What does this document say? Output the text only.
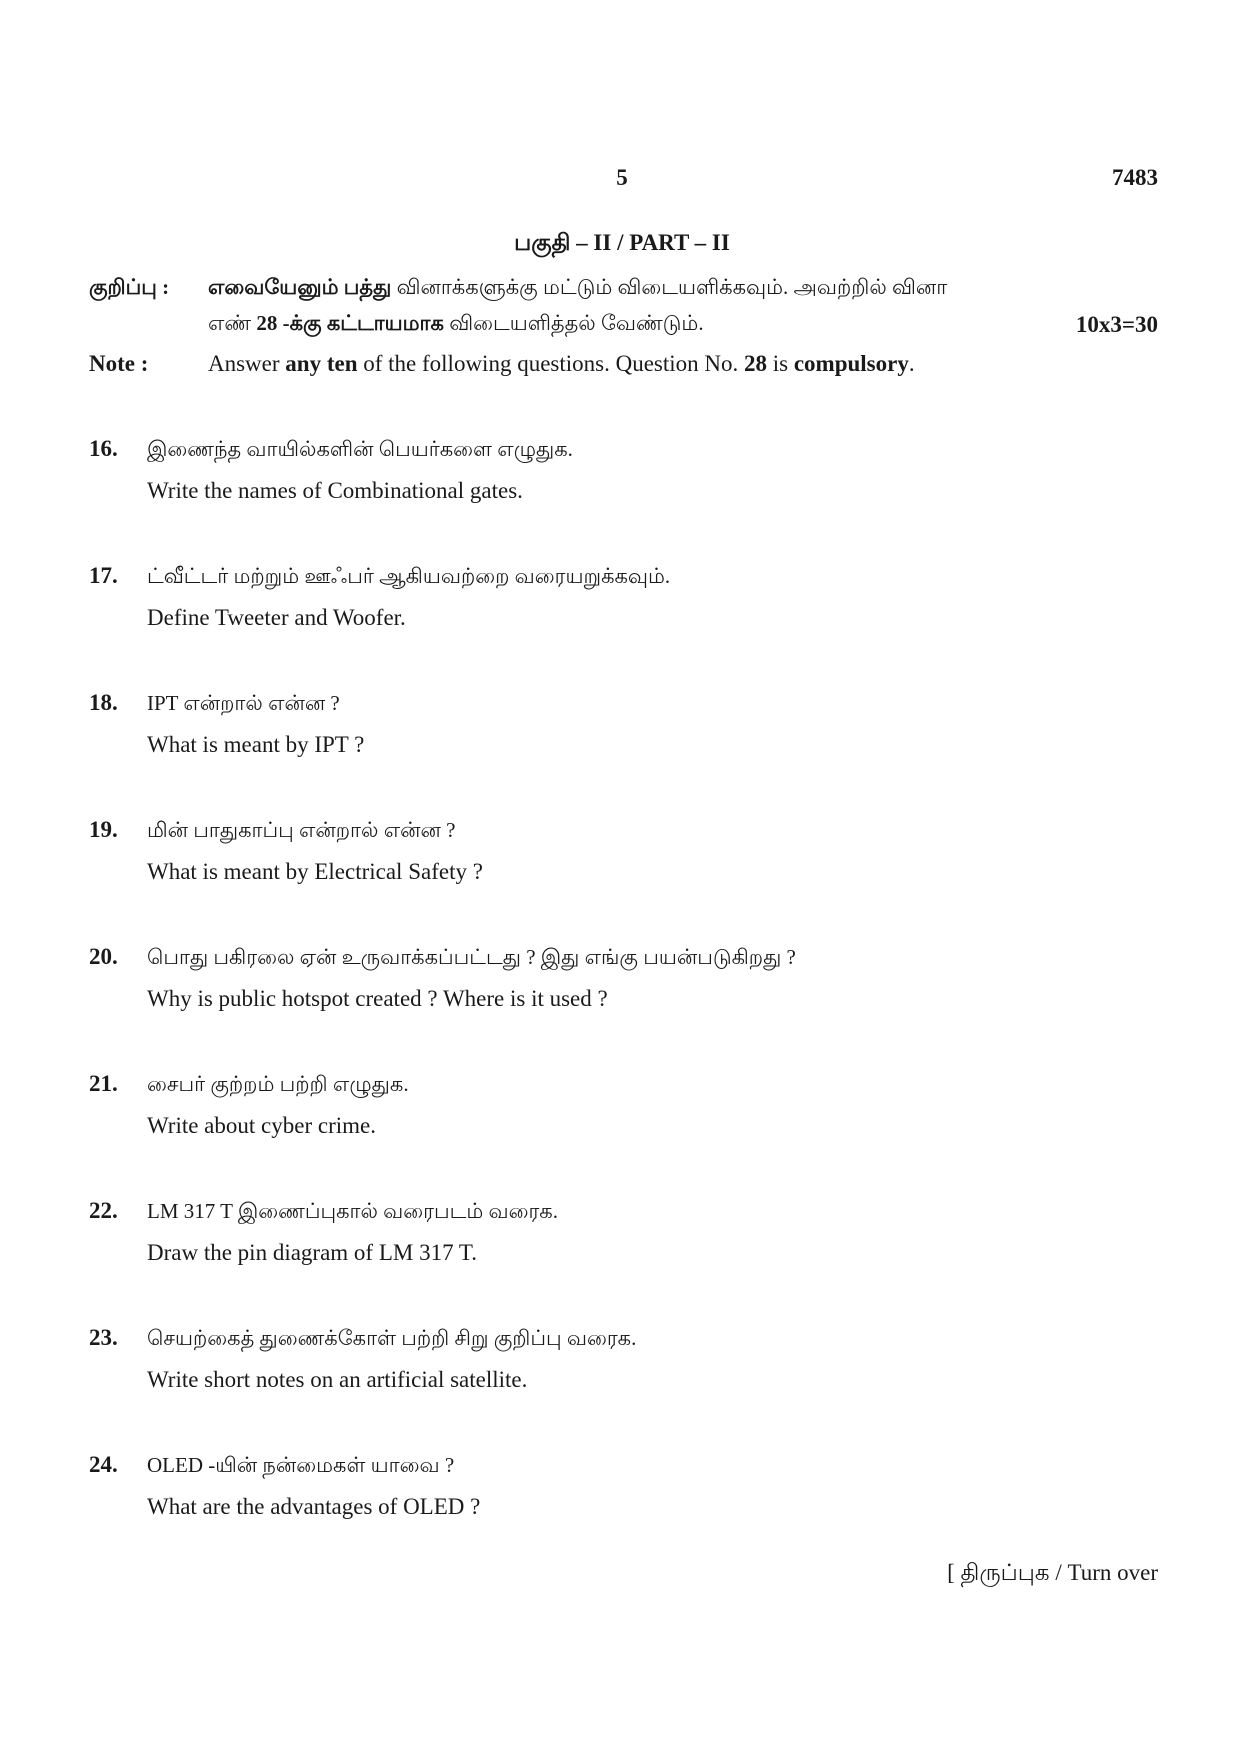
5	7483
பகுதி – II / PART – II
குறிப்பு : எவையேனும் பத்து வினாக்களுக்கு மட்டும் விடையளிக்கவும். அவற்றில் வினா
எண் 28 -க்கு கட்டாயமாக விடையளித்தல் வேண்டும்.	10x3=30
Note :	Answer any ten of the following questions. Question No. 28 is compulsory.
16. இணைந்த வாயில்களின் பெயர்களை எழுதுக.
Write the names of Combinational gates.
17. ட்வீட்டர் மற்றும் ஊஃபர் ஆகியவற்றை வரையறுக்கவும்.
Define Tweeter and Woofer.
18. IPT என்றால் என்ன ?
What is meant by IPT ?
19. மின் பாதுகாப்பு என்றால் என்ன ?
What is meant by Electrical Safety ?
20. பொது பகிரலை ஏன் உருவாக்கப்பட்டது ? இது எங்கு பயன்படுகிறது ?
Why is public hotspot created ? Where is it used ?
21. சைபர் குற்றம் பற்றி எழுதுக.
Write about cyber crime.
22. LM 317 T இணைப்புகால் வரைபடம் வரைக.
Draw the pin diagram of LM 317 T.
23. செயற்கைத் துணைக்கோள் பற்றி சிறு குறிப்பு வரைக.
Write short notes on an artificial satellite.
24. OLED -யின் நன்மைகள் யாவை ?
What are the advantages of OLED ?
[ திருப்புக / Turn over
